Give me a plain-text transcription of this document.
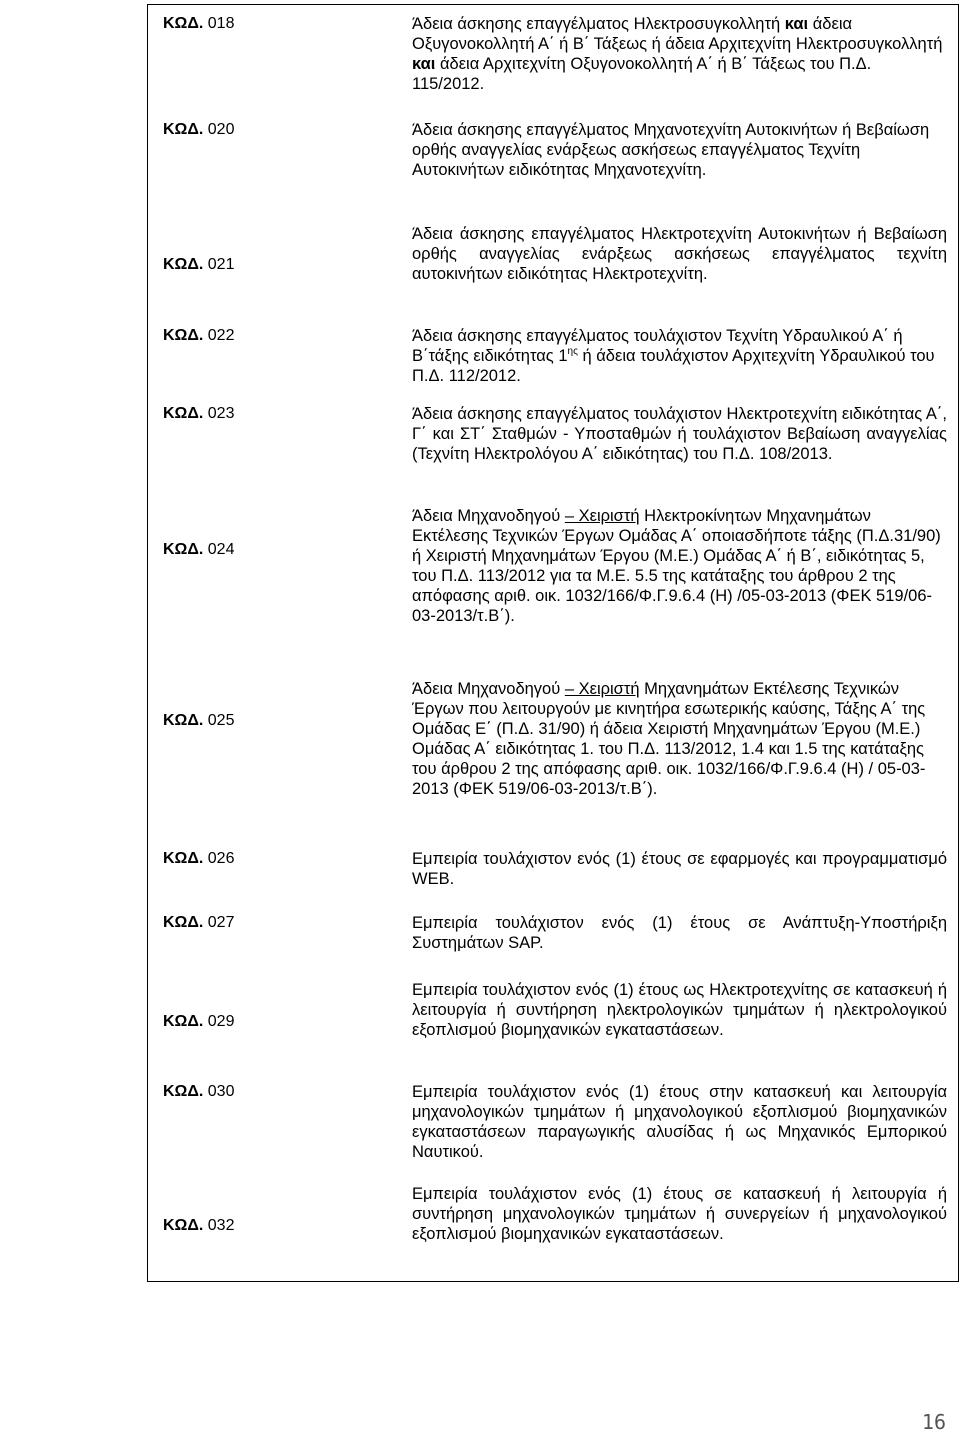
ΚΩΔ. 018
ΚΩΔ. 020
ΚΩΔ. 021
ΚΩΔ. 022
ΚΩΔ. 023
ΚΩΔ. 024
ΚΩΔ. 025
ΚΩΔ. 026
ΚΩΔ. 027
ΚΩΔ. 029
ΚΩΔ. 030
ΚΩΔ. 032

Άδεια άσκησης επαγγέλματος Ηλεκτροσυγκολλητή και άδεια Οξυγονοκολλητή Α΄ ή Β΄ Τάξεως ή άδεια Αρχιτεχνίτη Ηλεκτροσυγκολλητή και άδεια Αρχιτεχνίτη Οξυγονοκολλητή Α΄ ή Β΄ Τάξεως του Π.Δ. 115/2012.

Άδεια άσκησης επαγγέλματος Μηχανοτεχνίτη Αυτοκινήτων ή Βεβαίωση ορθής αναγγελίας ενάρξεως ασκήσεως επαγγέλματος Τεχνίτη Αυτοκινήτων ειδικότητας Μηχανοτεχνίτη.

Άδεια άσκησης επαγγέλματος Ηλεκτροτεχνίτη Αυτοκινήτων ή Βεβαίωση ορθής αναγγελίας ενάρξεως ασκήσεως επαγγέλματος τεχνίτη αυτοκινήτων ειδικότητας Ηλεκτροτεχνίτη.

Άδεια άσκησης επαγγέλματος τουλάχιστον Τεχνίτη Υδραυλικού Α΄ ή Β΄τάξης ειδικότητας $1^{\eta\varsigma}$ ή άδεια τουλάχιστον Αρχιτεχνίτη Υδραυλικού του Π.Δ. 112/2012.

Άδεια άσκησης επαγγέλματος τουλάχιστον Ηλεκτροτεχνίτη ειδικότητας Α΄, Γ΄ και ΣΤ΄ Σταθμών - Υποσταθμών ή τουλάχιστον Βεβαίωση αναγγελίας (Τεχνίτη Ηλεκτρολόγου Α΄ ειδικότητας) του Π.Δ. 108/2013.

Άδεια Μηχανοδηγού – Χειριστή Ηλεκτροκίνητων Μηχανημάτων Εκτέλεσης Τεχνικών Έργων Ομάδας Α΄ οποιασδήποτε τάξης (Π.Δ.31/90) ή Χειριστή Μηχανημάτων Έργου (Μ.Ε.) Ομάδας Α΄ ή Β΄, ειδικότητας 5, του Π.Δ. 113/2012 για τα Μ.Ε. 5.5 της κατάταξης του άρθρου 2 της απόφασης αριθ. οικ. 1032/166/Φ.Γ.9.6.4 (Η) /05-03-2013 (ΦΕΚ 519/06-03-2013/τ.Β΄).

Άδεια Μηχανοδηγού – Χειριστή Μηχανημάτων Εκτέλεσης Τεχνικών Έργων που λειτουργούν με κινητήρα εσωτερικής καύσης, Τάξης Α΄ της Ομάδας Ε΄ (Π.Δ. 31/90) ή άδεια Χειριστή Μηχανημάτων Έργου (Μ.Ε.) Ομάδας Α΄ ειδικότητας 1. του Π.Δ. 113/2012, 1.4 και 1.5 της κατάταξης του άρθρου 2 της απόφασης αριθ. οικ. 1032/166/Φ.Γ.9.6.4 (Η) / 05-03-2013 (ΦΕΚ 519/06-03-2013/τ.Β΄).

Εμπειρία τουλάχιστον ενός (1) έτους σε εφαρμογές και προγραμματισμό WEB.

Εμπειρία τουλάχιστον ενός (1) έτους σε Ανάπτυξη-Υποστήριξη Συστημάτων SAP.

Εμπειρία τουλάχιστον ενός (1) έτους ως Ηλεκτροτεχνίτης σε κατασκευή ή λειτουργία ή συντήρηση ηλεκτρολογικών τμημάτων ή ηλεκτρολογικού εξοπλισμού βιομηχανικών εγκαταστάσεων.

Εμπειρία τουλάχιστον ενός (1) έτους στην κατασκευή και λειτουργία μηχανολογικών τμημάτων ή μηχανολογικού εξοπλισμού βιομηχανικών εγκαταστάσεων παραγωγικής αλυσίδας ή ως Μηχανικός Εμπορικού Ναυτικού.

Εμπειρία τουλάχιστον ενός (1) έτους σε κατασκευή ή λειτουργία ή συντήρηση μηχανολογικών τμημάτων ή συνεργείων ή μηχανολογικού εξοπλισμού βιομηχανικών εγκαταστάσεων.

16
